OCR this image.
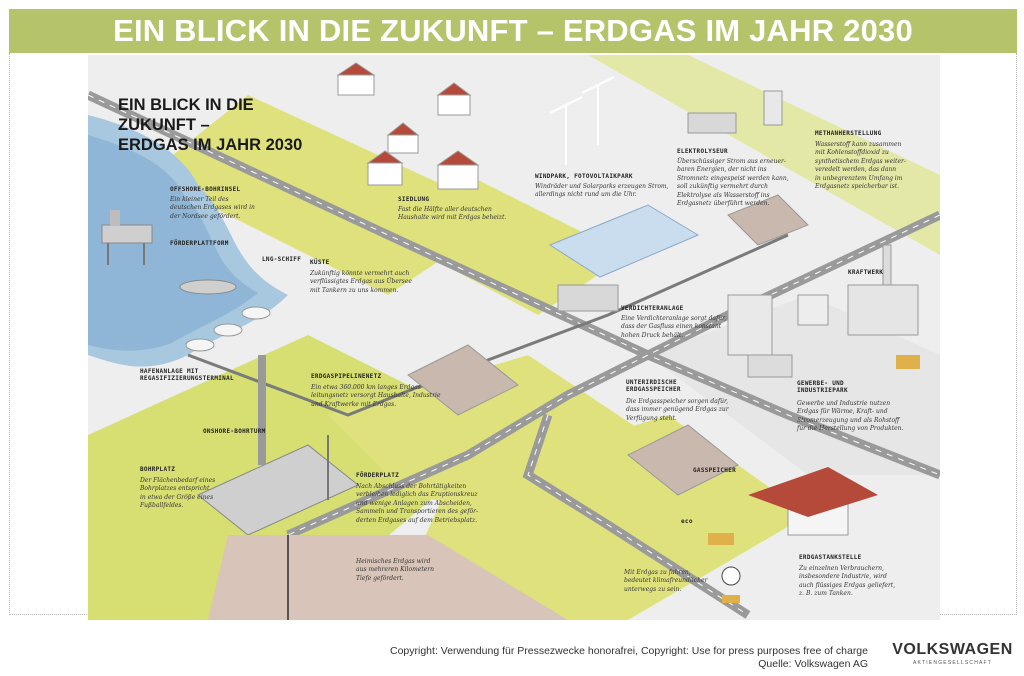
EIN BLICK IN DIE ZUKUNFT – ERDGAS IM JAHR 2030
eco
EIN BLICK IN DIE
ZUKUNFT –
ERDGAS IM JAHR 2030
OFFSHORE-BOHRINSEL
Ein kleiner Teil des
deutschen Erdgases wird in
der Nordsee gefördert.
FÖRDERPLATTFORM
LNG-SCHIFF KÜSTE
Zukünftig könnte vermehrt auch
verflüssigtes Erdgas aus Übersee
mit Tankern zu uns kommen.
HAFENANLAGE MIT
REGASIFIZIERUNGSTERMINAL
SIEDLUNG
Fast die Hälfte aller deutschen
Haushalte wird mit Erdgas beheizt.
WINDPARK, FOTOVOLTAIKPARK
Windräder und Solarparks erzeugen Strom,
allerdings nicht rund um die Uhr.
ELEKTROLYSEUR
Überschüssiger Strom aus erneuer-
baren Energien, der nicht ins
Stromnetz eingespeist werden kann,
soll zukünftig vermehrt durch
Elektrolyse als Wasserstoff ins
Erdgasnetz überführt werden.
METHANHERSTELLUNG
Wasserstoff kann zusammen
mit Kohlenstoffdioxid zu
synthetischem Erdgas weiter-
veredelt werden, das dann
in unbegrenztem Umfang im
Erdgasnetz speicherbar ist.
KRAFTWERK
VERDICHTERANLAGE
Eine Verdichteranlage sorgt dafür,
dass der Gasfluss einen konstant
hohen Druck behält.
ERDGASPIPELINENETZ
Ein etwa 360.000 km langes Erdgas-
leitungsnetz versorgt Haushalte, Industrie
und Kraftwerke mit Erdgas.
ONSHORE-BOHRTURM
BOHRPLATZ
Der Flächenbedarf eines
Bohrplatzes entspricht
in etwa der Größe eines
Fußballfeldes.
FÖRDERPLATZ
Nach Abschluss der Bohrtätigkeiten
verbleiben lediglich das Eruptionskreuz
und wenige Anlagen zum Abscheiden,
Sammeln und Transportieren des geför-
derten Erdgases auf dem Betriebsplatz.
Heimisches Erdgas wird
aus mehreren Kilometern
Tiefe gefördert.
UNTERIRDISCHE
ERDGASSPEICHER
Die Erdgasspeicher sorgen dafür,
dass immer genügend Erdgas zur
Verfügung steht.
GASSPEICHER
GEWERBE- UND
INDUSTRIEPARK
Gewerbe und Industrie nutzen
Erdgas für Wärme, Kraft- und
Stromerzeugung und als Rohstoff
für die Herstellung von Produkten.
Mit Erdgas zu fahren,
bedeutet klimafreundlicher
unterwegs zu sein.
ERDGASTANKSTELLE
Zu einzelnen Verbrauchern,
insbesondere Industrie, wird
auch flüssiges Erdgas geliefert,
z. B. zum Tanken.
Copyright: Verwendung für Pressezwecke honorafrei, Copyright: Use for press purposes free of charge
Quelle: Volkswagen AG
VOLKSWAGEN
AKTIENGESELLSCHAFT
